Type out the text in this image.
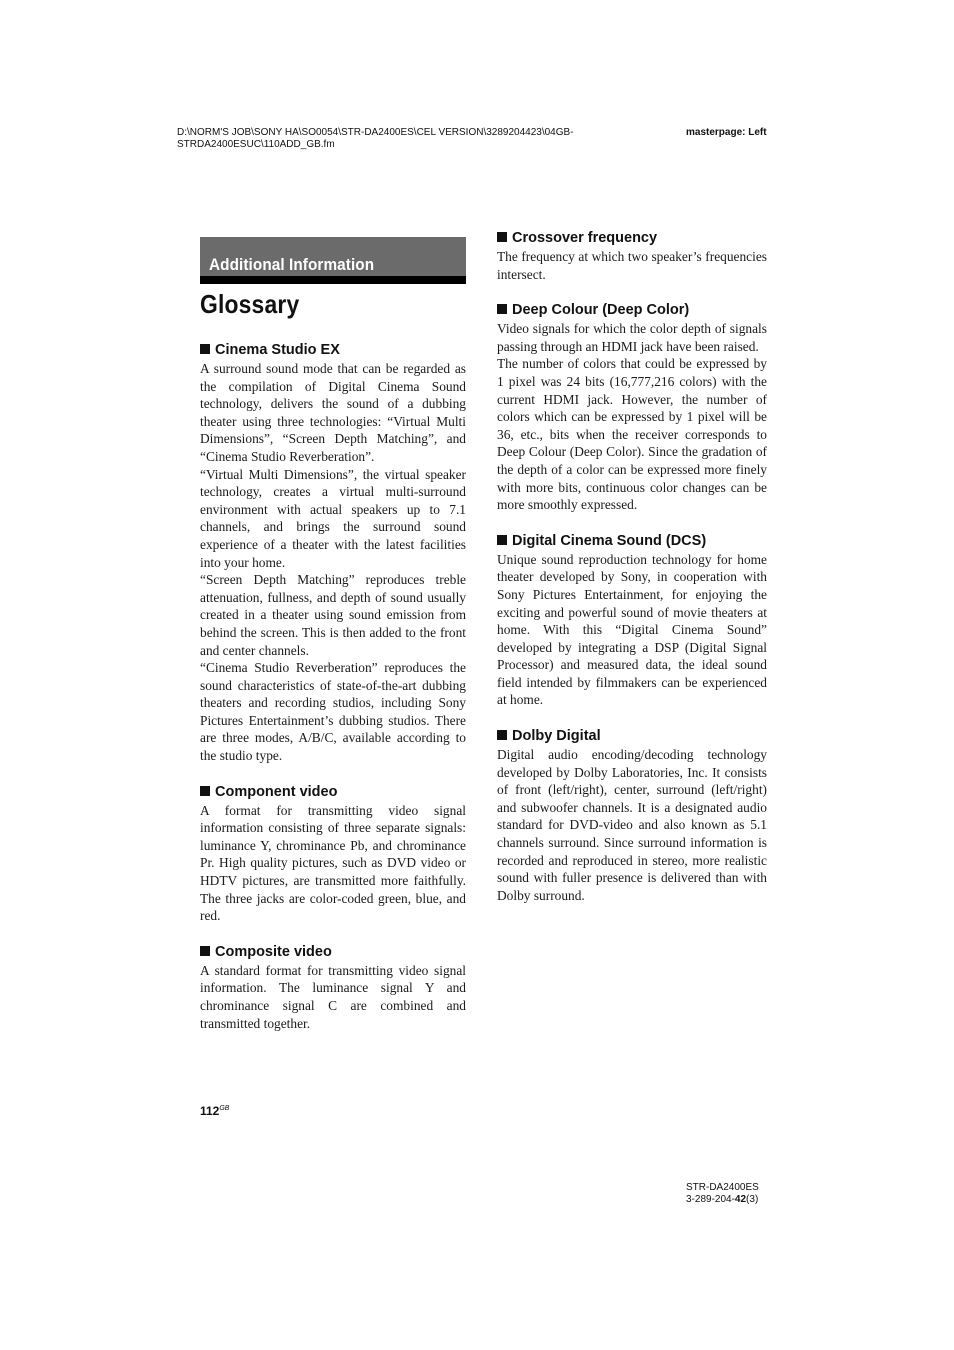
D:\NORM'S JOB\SONY HA\SO0054\STR-DA2400ES\CEL VERSION\3289204423\04GB-
STRDA2400ESUC\110ADD_GB.fm
masterpage: Left
Additional Information
Glossary
Cinema Studio EX

A surround sound mode that can be regarded as the compilation of Digital Cinema Sound technology, delivers the sound of a dubbing theater using three technologies: “Virtual Multi Dimensions”, “Screen Depth Matching”, and “Cinema Studio Reverberation”.

“Virtual Multi Dimensions”, the virtual speaker technology, creates a virtual multi-surround environment with actual speakers up to 7.1 channels, and brings the surround sound experience of a theater with the latest facilities into your home.

“Screen Depth Matching” reproduces treble attenuation, fullness, and depth of sound usually created in a theater using sound emission from behind the screen. This is then added to the front and center channels.

“Cinema Studio Reverberation” reproduces the sound characteristics of state-of-the-art dubbing theaters and recording studios, including Sony Pictures Entertainment’s dubbing studios. There are three modes, A/B/C, available according to the studio type.

Component video

A format for transmitting video signal information consisting of three separate signals: luminance Y, chrominance Pb, and chrominance Pr. High quality pictures, such as DVD video or HDTV pictures, are transmitted more faithfully. The three jacks are color-coded green, blue, and red.

Composite video

A standard format for transmitting video signal information. The luminance signal Y and chrominance signal C are combined and transmitted together.

Crossover frequency

The frequency at which two speaker’s frequencies intersect.

Deep Colour (Deep Color)

Video signals for which the color depth of signals passing through an HDMI jack have been raised.

The number of colors that could be expressed by 1 pixel was 24 bits (16,777,216 colors) with the current HDMI jack. However, the number of colors which can be expressed by 1 pixel will be 36, etc., bits when the receiver corresponds to Deep Colour (Deep Color). Since the gradation of the depth of a color can be expressed more finely with more bits, continuous color changes can be more smoothly expressed.

Digital Cinema Sound (DCS)

Unique sound reproduction technology for home theater developed by Sony, in cooperation with Sony Pictures Entertainment, for enjoying the exciting and powerful sound of movie theaters at home. With this “Digital Cinema Sound” developed by integrating a DSP (Digital Signal Processor) and measured data, the ideal sound field intended by filmmakers can be experienced at home.

Dolby Digital

Digital audio encoding/decoding technology developed by Dolby Laboratories, Inc. It consists of front (left/right), center, surround (left/right) and subwoofer channels. It is a designated audio standard for DVD-video and also known as 5.1 channels surround. Since surround information is recorded and reproduced in stereo, more realistic sound with fuller presence is delivered than with Dolby surround.

$112^{GB}$
STR-DA2400ES
3-289-204-42(3)
